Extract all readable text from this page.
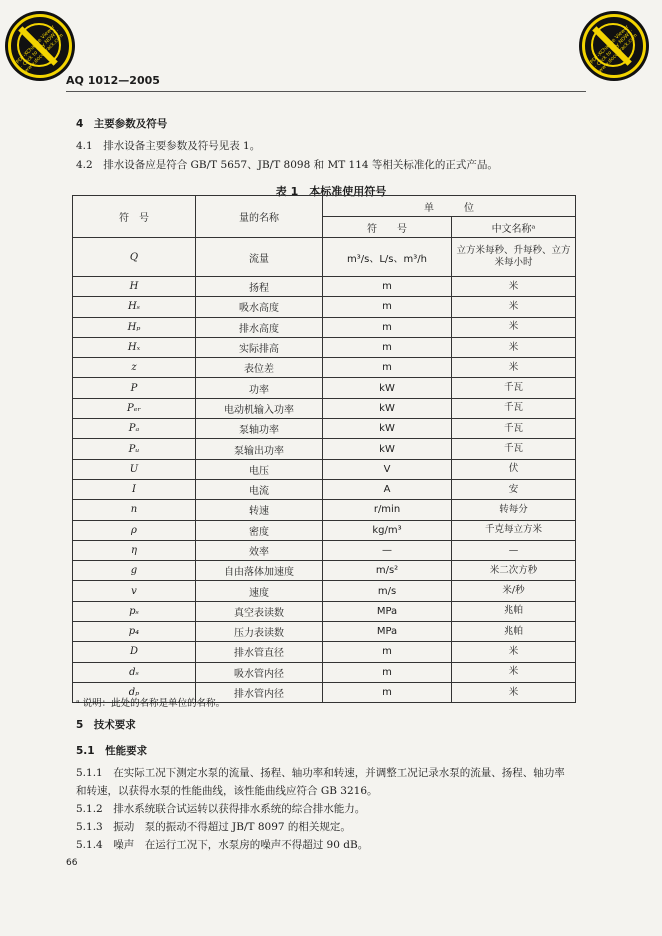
PDF-XChange Viewer · Click to buy NOW! · www.docu-track.com	PDF-XChange Viewer · Click to buy NOW! · www.docu-track.com
AQ 1012—2005
4　主要参数及符号
4.1　排水设备主要参数及符号见表 1。
4.2　排水设备应是符合 GB/T 5657、JB/T 8098 和 MT 114 等相关标准化的正式产品。
表 1　本标准使用符号
符　号	量的名称	单　　　位	
		符　　号	中文名称ᵃ
Q	流量	m³/s、L/s、m³/h	立方米每秒、升每秒、立方米每小时
H	扬程	m	米
Hₛ	吸水高度	m	米
Hₚ	排水高度	m	米
Hₓ	实际排高	m	米
z	表位差	m	米
P	功率	kW	千瓦
Pₑᵣ	电动机输入功率	kW	千瓦
Pₐ	泵轴功率	kW	千瓦
Pᵤ	泵输出功率	kW	千瓦
U	电压	V	伏
I	电流	A	安
n	转速	r/min	转每分
ρ	密度	kg/m³	千克每立方米
η	效率	—	—
g	自由落体加速度	m/s²	米二次方秒
v	速度	m/s	米/秒
pₛ	真空表读数	MPa	兆帕
p₄	压力表读数	MPa	兆帕
D	排水管直径	m	米
dₛ	吸水管内径	m	米
dₚ	排水管内径	m	米
ᵃ 说明：此处的名称是单位的名称。
5　技术要求
5.1　性能要求
5.1.1　在实际工况下测定水泵的流量、扬程、轴功率和转速，并调整工况记录水泵的流量、扬程、轴功率
和转速，以获得水泵的性能曲线，该性能曲线应符合 GB 3216。
5.1.2　排水系统联合试运转以获得排水系统的综合排水能力。
5.1.3　振动　泵的振动不得超过 JB/T 8097 的相关规定。
5.1.4　噪声　在运行工况下，水泵房的噪声不得超过 90 dB。
66
